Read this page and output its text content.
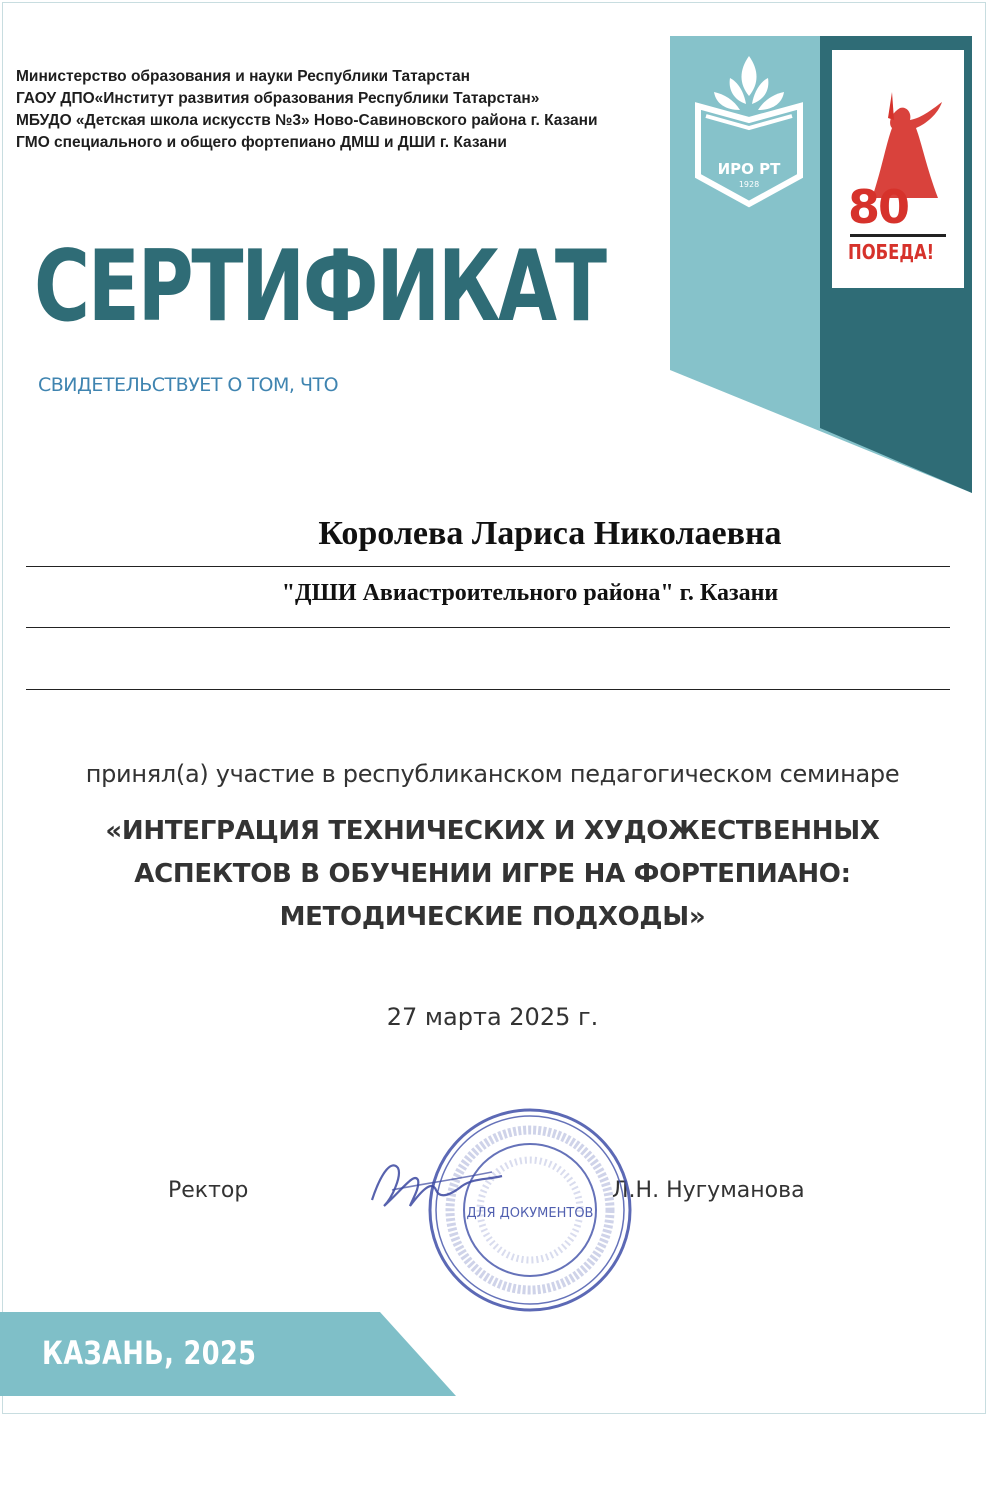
ИРО РТ
1928	80
ПОБЕДА!
Министерство образования и науки Республики Татарстан
ГАОУ ДПО«Институт развития образования Республики Татарстан»
МБУДО «Детская школа искусств №3» Ново-Савиновского района г. Казани
ГМО специального и общего фортепиано ДМШ и ДШИ г. Казани
СЕРТИФИКАТ
СВИДЕТЕЛЬСТВУЕТ О ТОМ, ЧТО
Королева Лариса Николаевна
"ДШИ Авиастроительного района" г. Казани
принял(а) участие в республиканском педагогическом семинаре
«ИНТЕГРАЦИЯ ТЕХНИЧЕСКИХ И ХУДОЖЕСТВЕННЫХ
АСПЕКТОВ В ОБУЧЕНИИ ИГРЕ НА ФОРТЕПИАНО:
МЕТОДИЧЕСКИЕ ПОДХОДЫ»
27 марта 2025 г.
Ректор	Л.Н. Нугуманова
ДЛЯ ДОКУМЕНТОВ
КАЗАНЬ, 2025
